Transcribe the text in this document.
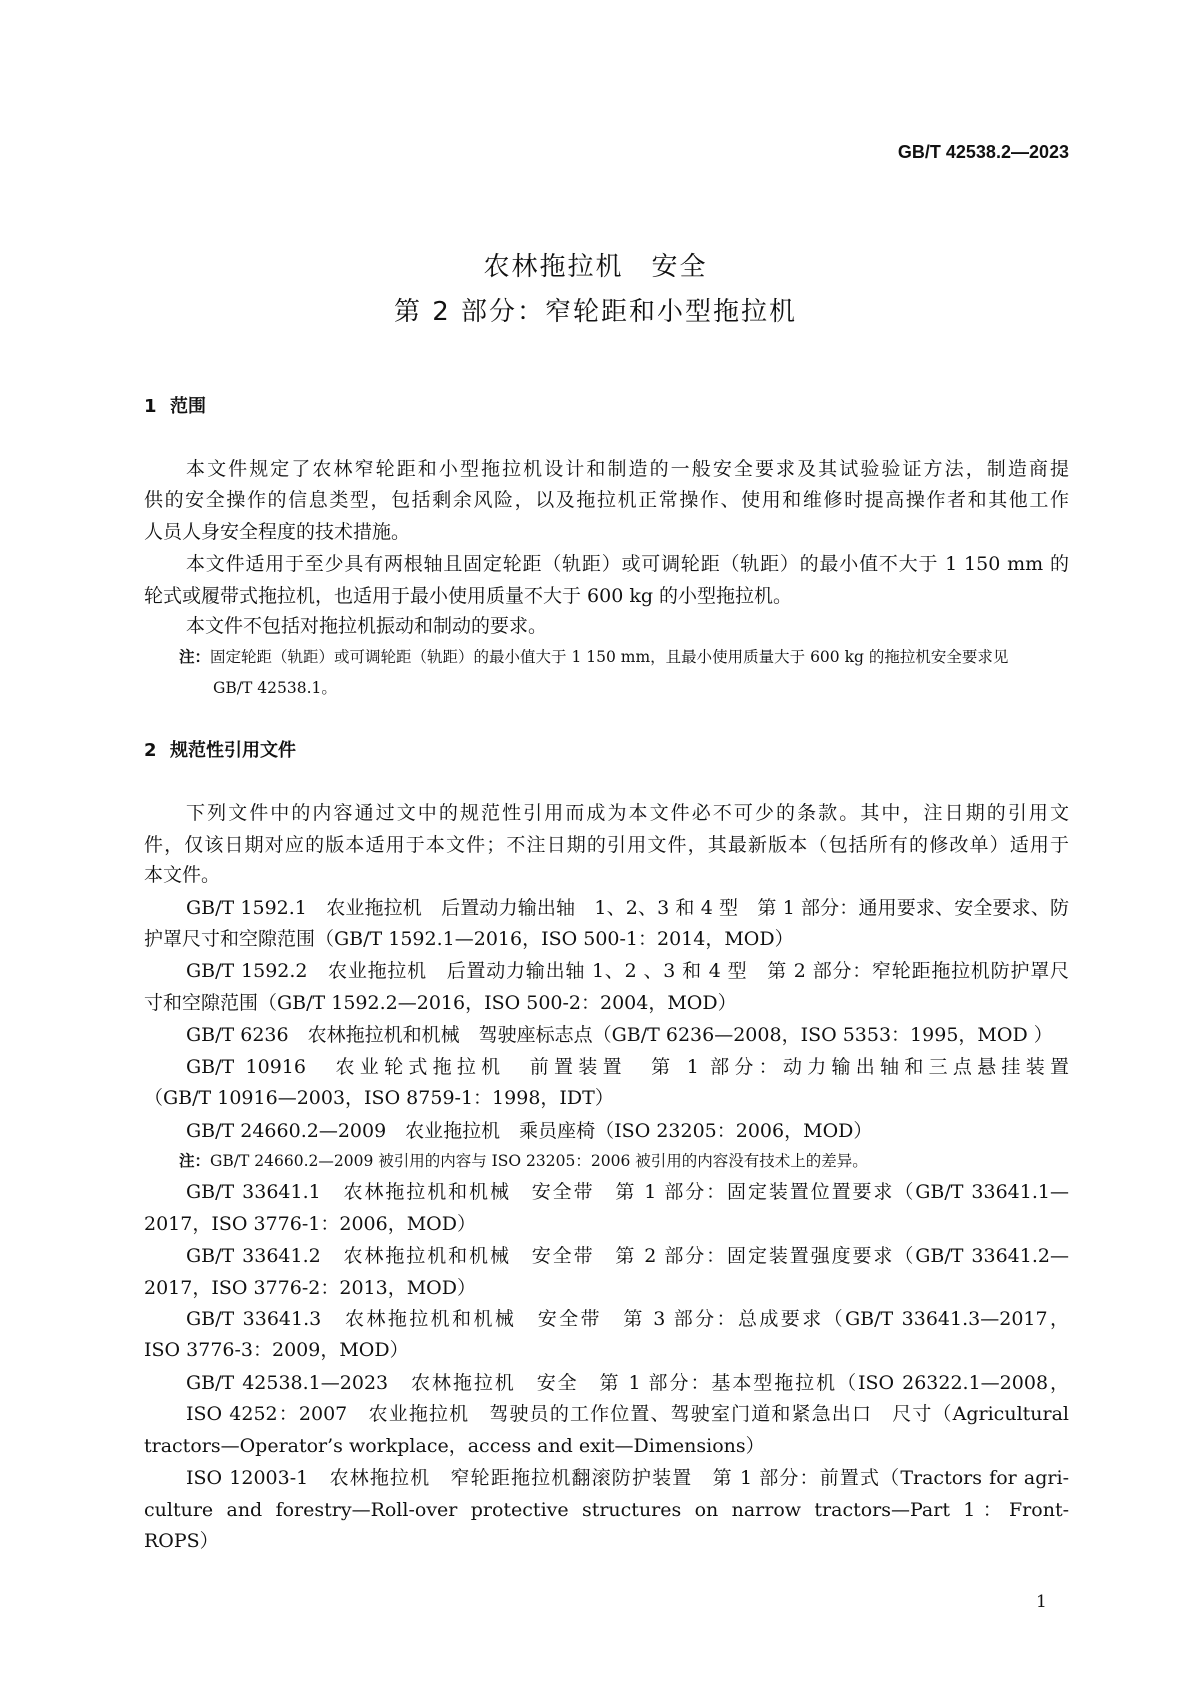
GB/T 42538.2—2023
农林拖拉机　安全
第 2 部分：窄轮距和小型拖拉机
1 范围
本文件规定了农林窄轮距和小型拖拉机设计和制造的一般安全要求及其试验验证方法，制造商提
供的安全操作的信息类型，包括剩余风险，以及拖拉机正常操作、使用和维修时提高操作者和其他工作
人员人身安全程度的技术措施。
本文件适用于至少具有两根轴且固定轮距（轨距）或可调轮距（轨距）的最小值不大于 1 150 mm 的
轮式或履带式拖拉机，也适用于最小使用质量不大于 600 kg 的小型拖拉机。
本文件不包括对拖拉机振动和制动的要求。
注：固定轮距（轨距）或可调轮距（轨距）的最小值大于 1 150 mm，且最小使用质量大于 600 kg 的拖拉机安全要求见
GB/T 42538.1。
2 规范性引用文件
下列文件中的内容通过文中的规范性引用而成为本文件必不可少的条款。其中，注日期的引用文
件，仅该日期对应的版本适用于本文件；不注日期的引用文件，其最新版本（包括所有的修改单）适用于
本文件。
GB/T 1592.1　农业拖拉机　后置动力输出轴　1、2、3 和 4 型　第 1 部分：通用要求、安全要求、防
护罩尺寸和空隙范围（GB/T 1592.1—2016，ISO 500-1：2014，MOD）
GB/T 1592.2　农业拖拉机　后置动力输出轴 1、2 、3 和 4 型　第 2 部分：窄轮距拖拉机防护罩尺
寸和空隙范围（GB/T 1592.2—2016，ISO 500-2：2004，MOD）
GB/T 6236　农林拖拉机和机械　驾驶座标志点（GB/T 6236—2008，ISO 5353：1995，MOD ）
GB/T 10916　农业轮式拖拉机　前置装置　第 1 部分：动力输出轴和三点悬挂装置
（GB/T 10916—2003，ISO 8759-1：1998，IDT）
GB/T 24660.2—2009　农业拖拉机　乘员座椅（ISO 23205：2006，MOD）
注：GB/T 24660.2—2009 被引用的内容与 ISO 23205：2006 被引用的内容没有技术上的差异。
GB/T 33641.1　农林拖拉机和机械　安全带　第 1 部分：固定装置位置要求（GB/T 33641.1—
2017，ISO 3776-1：2006，MOD）
GB/T 33641.2　农林拖拉机和机械　安全带　第 2 部分：固定装置强度要求（GB/T 33641.2—
2017，ISO 3776-2：2013，MOD）
GB/T 33641.3　农林拖拉机和机械　安全带　第 3 部分：总成要求（GB/T 33641.3—2017，
ISO 3776-3：2009，MOD）
GB/T 42538.1—2023　农林拖拉机　安全　第 1 部分：基本型拖拉机（ISO 26322.1—2008，
ISO 4252：2007　农业拖拉机　驾驶员的工作位置、驾驶室门道和紧急出口　尺寸（Agricultural
tractors—Operator’s workplace，access and exit—Dimensions）
ISO 12003-1　农林拖拉机　窄轮距拖拉机翻滚防护装置　第 1 部分：前置式（Tractors for agri-
culture and forestry—Roll-over protective structures on narrow tractors—Part 1：Front-
ROPS）
1
